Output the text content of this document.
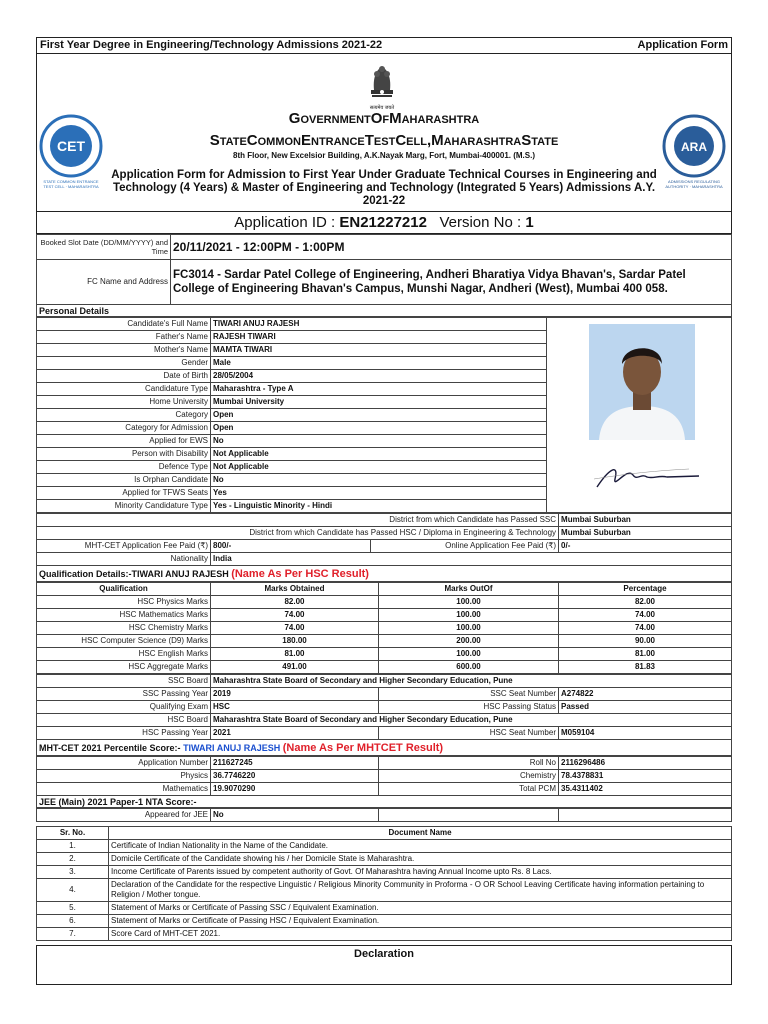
First Year Degree in Engineering/Technology Admissions 2021-22	Application Form
सत्यमेव जयते
CET
STATE COMMON ENTRANCE TEST CELL · MAHARASHTRA
ARA
ADMISSIONS REGULATING AUTHORITY · MAHARASHTRA
GovernmentOfMaharashtra
StateCommonEntranceTestCell,MaharashtraState
8th Floor, New Excelsior Building, A.K.Nayak Marg, Fort, Mumbai-400001. (M.S.)
Application Form for Admission to First Year Under Graduate Technical Courses in Engineering and Technology (4 Years) & Master of Engineering and Technology (Integrated 5 Years) Admissions A.Y. 2021-22
Application ID : EN21227212 Version No : 1
Booked Slot Date (DD/MM/YYYY) and Time	20/11/2021 - 12:00PM - 1:00PM
FC Name and Address	FC3014 - Sardar Patel College of Engineering, Andheri Bharatiya Vidya Bhavan's, Sardar Patel College of Engineering Bhavan's Campus, Munshi Nagar, Andheri (West), Mumbai 400 058.
Personal Details
Candidate's Full Name	TIWARI ANUJ RAJESH	
Father's Name	RAJESH TIWARI	
Mother's Name	MAMTA TIWARI	
Gender	Male	
Date of Birth	28/05/2004	
Candidature Type	Maharashtra - Type A	
Home University	Mumbai University	
Category	Open	
Category for Admission	Open	
Applied for EWS	No	
Person with Disability	Not Applicable	
Defence Type	Not Applicable	
Is Orphan Candidate	No	
Applied for TFWS Seats	Yes	
Minority Candidature Type	Yes - Linguistic Minority - Hindi	
District from which Candidate has Passed SSC			Mumbai Suburban
District from which Candidate has Passed HSC / Diploma in Engineering & Technology			Mumbai Suburban
MHT-CET Application Fee Paid (₹)	800/-	Online Application Fee Paid (₹)	0/-
Nationality	India		
Qualification Details:-TIWARI ANUJ RAJESH (Name As Per HSC Result)
Qualification	Marks Obtained	Marks OutOf	Percentage
HSC Physics Marks	82.00	100.00	82.00
HSC Mathematics Marks	74.00	100.00	74.00
HSC Chemistry Marks	74.00	100.00	74.00
HSC Computer Science (D9) Marks	180.00	200.00	90.00
HSC English Marks	81.00	100.00	81.00
HSC Aggregate Marks	491.00	600.00	81.83
SSC Board	Maharashtra State Board of Secondary and Higher Secondary Education, Pune		
SSC Passing Year	2019	SSC Seat Number	A274822
Qualifying Exam	HSC	HSC Passing Status	Passed
HSC Board	Maharashtra State Board of Secondary and Higher Secondary Education, Pune		
HSC Passing Year	2021	HSC Seat Number	M059104
MHT-CET 2021 Percentile Score:- TIWARI ANUJ RAJESH (Name As Per MHTCET Result)
Application Number	211627245	Roll No	2116296486
Physics	36.7746220	Chemistry	78.4378831
Mathematics	19.9070290	Total PCM	35.4311402
JEE (Main) 2021 Paper-1 NTA Score:-
Appeared for JEE	No		
Sr. No.	Document Name
1.	Certificate of Indian Nationality in the Name of the Candidate.
2.	Domicile Certificate of the Candidate showing his / her Domicile State is Maharashtra.
3.	Income Certificate of Parents issued by competent authority of Govt. Of Maharashtra having Annual Income upto Rs. 8 Lacs.
4.	Declaration of the Candidate for the respective Linguistic / Religious Minority Community in Proforma - O OR School Leaving Certificate having information pertaining to Religion / Mother tongue.
5.	Statement of Marks or Certificate of Passing SSC / Equivalent Examination.
6.	Statement of Marks or Certificate of Passing HSC / Equivalent Examination.
7.	Score Card of MHT-CET 2021.
Declaration
